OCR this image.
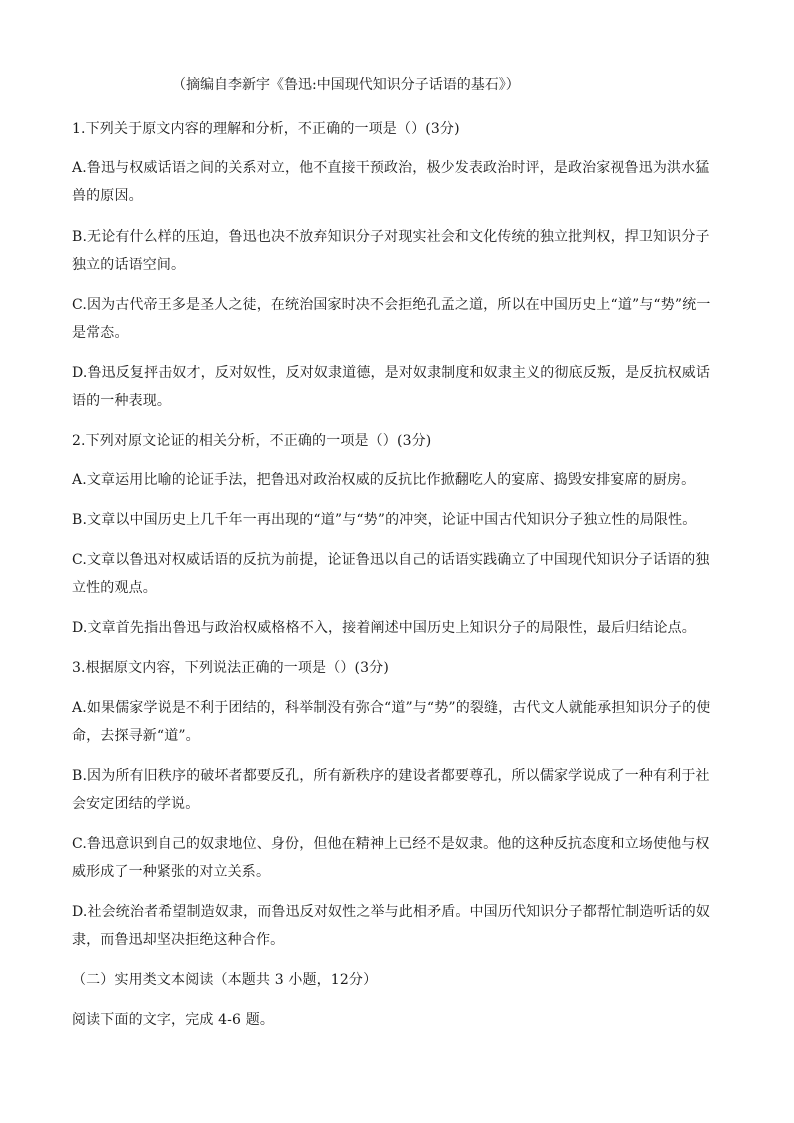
（摘编自李新宇《鲁迅:中国现代知识分子话语的基石》）
1.下列关于原文内容的理解和分析，不正确的一项是（）(3分)
A.鲁迅与权威话语之间的关系对立，他不直接干预政治，极少发表政治时评，是政治家视鲁迅为洪水猛兽的原因。
B.无论有什么样的压迫，鲁迅也决不放弃知识分子对现实社会和文化传统的独立批判权，捍卫知识分子独立的话语空间。
C.因为古代帝王多是圣人之徒，在统治国家时决不会拒绝孔孟之道，所以在中国历史上“道”与“势”统一是常态。
D.鲁迅反复抨击奴才，反对奴性，反对奴隶道德，是对奴隶制度和奴隶主义的彻底反叛，是反抗权威话语的一种表现。
2.下列对原文论证的相关分析，不正确的一项是（）(3分)
A.文章运用比喻的论证手法，把鲁迅对政治权威的反抗比作掀翻吃人的宴席、捣毁安排宴席的厨房。
B.文章以中国历史上几千年一再出现的“道”与“势”的冲突，论证中国古代知识分子独立性的局限性。
C.文章以鲁迅对权威话语的反抗为前提，论证鲁迅以自己的话语实践确立了中国现代知识分子话语的独立性的观点。
D.文章首先指出鲁迅与政治权威格格不入，接着阐述中国历史上知识分子的局限性，最后归结论点。
3.根据原文内容，下列说法正确的一项是（）(3分)
A.如果儒家学说是不利于团结的，科举制没有弥合“道”与“势”的裂缝，古代文人就能承担知识分子的使命，去探寻新“道”。
B.因为所有旧秩序的破坏者都要反孔，所有新秩序的建设者都要尊孔，所以儒家学说成了一种有利于社会安定团结的学说。
C.鲁迅意识到自己的奴隶地位、身份，但他在精神上已经不是奴隶。他的这种反抗态度和立场使他与权威形成了一种紧张的对立关系。
D.社会统治者希望制造奴隶，而鲁迅反对奴性之举与此相矛盾。中国历代知识分子都帮忙制造听话的奴隶，而鲁迅却坚决拒绝这种合作。
（二）实用类文本阅读（本题共 3 小题，12分）
阅读下面的文字，完成 4-6 题。
